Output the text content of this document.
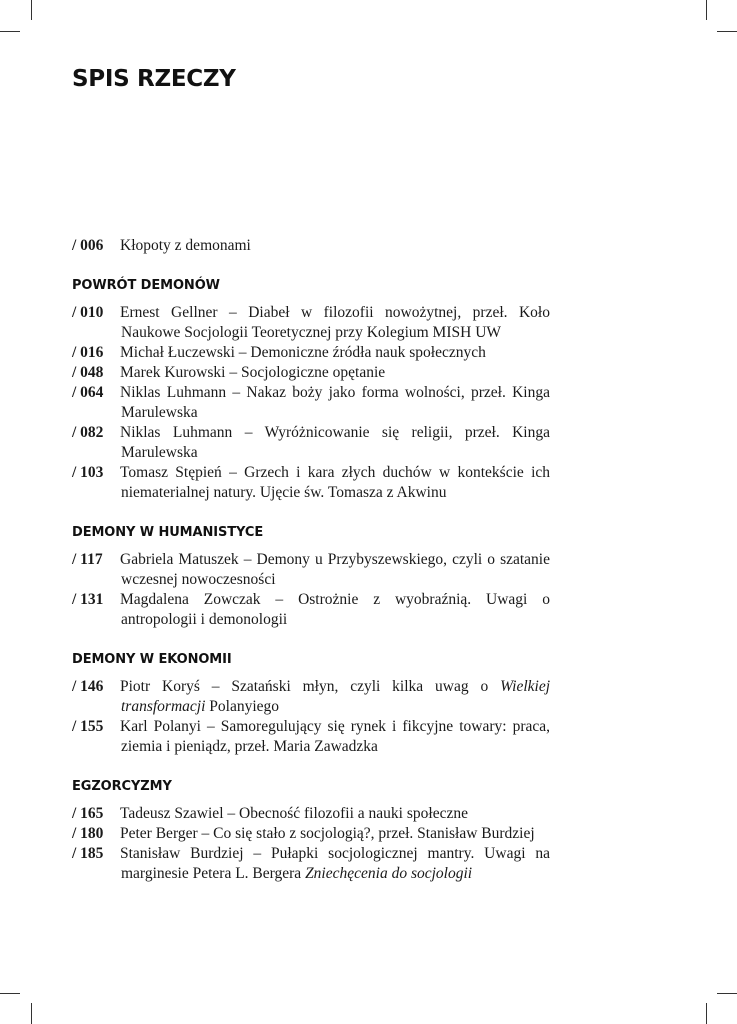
SPIS RZECZY
/ 006 Kłopoty z demonami
POWRÓT DEMONÓW
/ 010 Ernest Gellner – Diabeł w filozofii nowożytnej, przeł. Koło Naukowe Socjologii Teoretycznej przy Kolegium MISH UW
/ 016 Michał Łuczewski – Demoniczne źródła nauk społecznych
/ 048 Marek Kurowski – Socjologiczne opętanie
/ 064 Niklas Luhmann – Nakaz boży jako forma wolności, przeł. Kinga Marulewska
/ 082 Niklas Luhmann – Wyróżnicowanie się religii, przeł. Kinga Marulewska
/ 103 Tomasz Stępień – Grzech i kara złych duchów w kontekście ich niematerialnej natury. Ujęcie św. Tomasza z Akwinu
DEMONY W HUMANISTYCE
/ 117 Gabriela Matuszek – Demony u Przybyszewskiego, czyli o szatanie wczesnej nowoczesności
/ 131 Magdalena Zowczak – Ostrożnie z wyobraźnią. Uwagi o antropologii i demonologii
DEMONY W EKONOMII
/ 146 Piotr Koryś – Szatański młyn, czyli kilka uwag o Wielkiej transformacji Polanyiego
/ 155 Karl Polanyi – Samoregulujący się rynek i fikcyjne towary: praca, ziemia i pieniądz, przeł. Maria Zawadzka
EGZORCYZMY
/ 165 Tadeusz Szawiel – Obecność filozofii a nauki społeczne
/ 180 Peter Berger – Co się stało z socjologią?, przeł. Stanisław Burdziej
/ 185 Stanisław Burdziej – Pułapki socjologicznej mantry. Uwagi na marginesie Petera L. Bergera Zniechęcenia do socjologii
